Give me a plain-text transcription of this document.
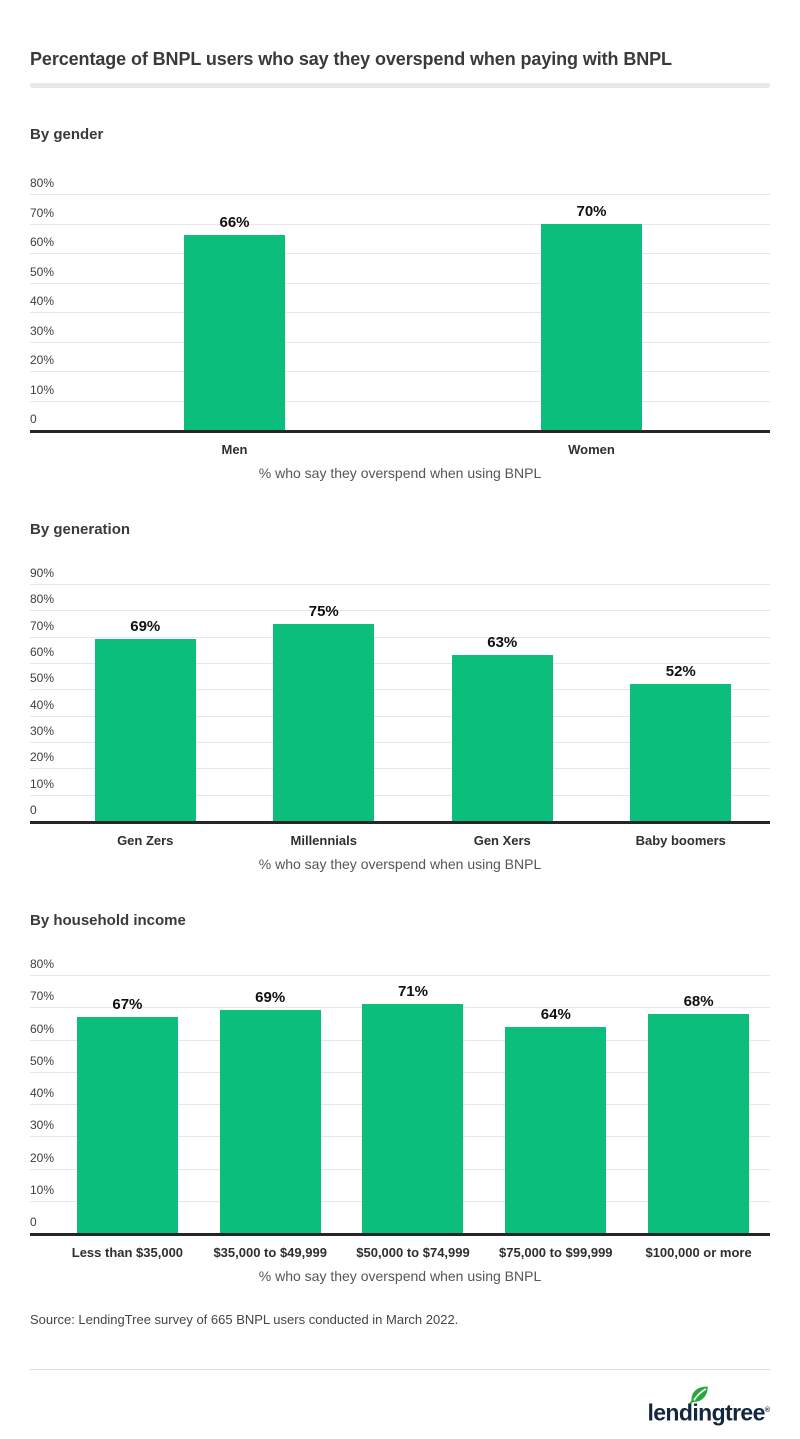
Percentage of BNPL users who say they overspend when paying with BNPL
By gender
80%
70%
60%
50%
40%
30%
20%
10%
0
66%
70%
Men	Women
% who say they overspend when using BNPL
By generation
90%
80%
70%
60%
50%
40%
30%
20%
10%
0
69%
75%
63%
52%
Gen Zers	Millennials	Gen Xers	Baby boomers
% who say they overspend when using BNPL
By household income
80%
70%
60%
50%
40%
30%
20%
10%
0
67%	69%	71%
64%
68%
Less than $35,000	$35,000 to $49,999	$50,000 to $74,999	$75,000 to $99,999	$100,000 or more
% who say they overspend when using BNPL
Source: LendingTree survey of 665 BNPL users conducted in March 2022.
lendingtree®
